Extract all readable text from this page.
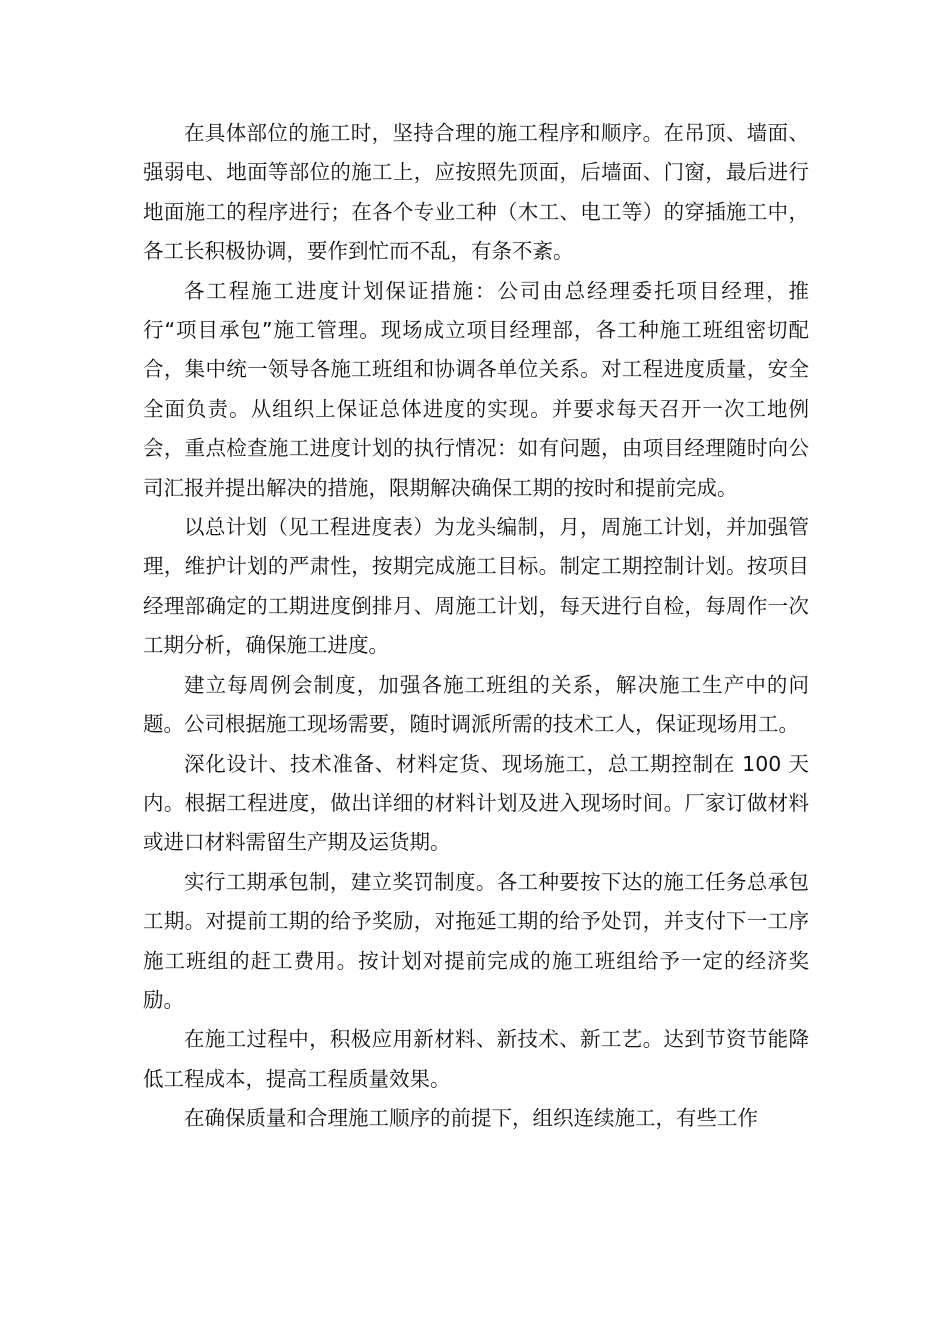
在具体部位的施工时，坚持合理的施工程序和顺序。在吊顶、墙面、强弱电、地面等部位的施工上，应按照先顶面，后墙面、门窗，最后进行地面施工的程序进行；在各个专业工种（木工、电工等）的穿插施工中，各工长积极协调，要作到忙而不乱，有条不紊。

各工程施工进度计划保证措施：公司由总经理委托项目经理，推行“项目承包”施工管理。现场成立项目经理部，各工种施工班组密切配合，集中统一领导各施工班组和协调各单位关系。对工程进度质量，安全全面负责。从组织上保证总体进度的实现。并要求每天召开一次工地例会，重点检查施工进度计划的执行情况：如有问题，由项目经理随时向公司汇报并提出解决的措施，限期解决确保工期的按时和提前完成。

以总计划（见工程进度表）为龙头编制，月，周施工计划，并加强管理，维护计划的严肃性，按期完成施工目标。制定工期控制计划。按项目经理部确定的工期进度倒排月、周施工计划，每天进行自检，每周作一次工期分析，确保施工进度。

建立每周例会制度，加强各施工班组的关系，解决施工生产中的问题。公司根据施工现场需要，随时调派所需的技术工人，保证现场用工。

深化设计、技术准备、材料定货、现场施工，总工期控制在 100 天内。根据工程进度，做出详细的材料计划及进入现场时间。厂家订做材料或进口材料需留生产期及运货期。

实行工期承包制，建立奖罚制度。各工种要按下达的施工任务总承包工期。对提前工期的给予奖励，对拖延工期的给予处罚，并支付下一工序施工班组的赶工费用。按计划对提前完成的施工班组给予一定的经济奖励。

在施工过程中，积极应用新材料、新技术、新工艺。达到节资节能降低工程成本，提高工程质量效果。

在确保质量和合理施工顺序的前提下，组织连续施工，有些工作
